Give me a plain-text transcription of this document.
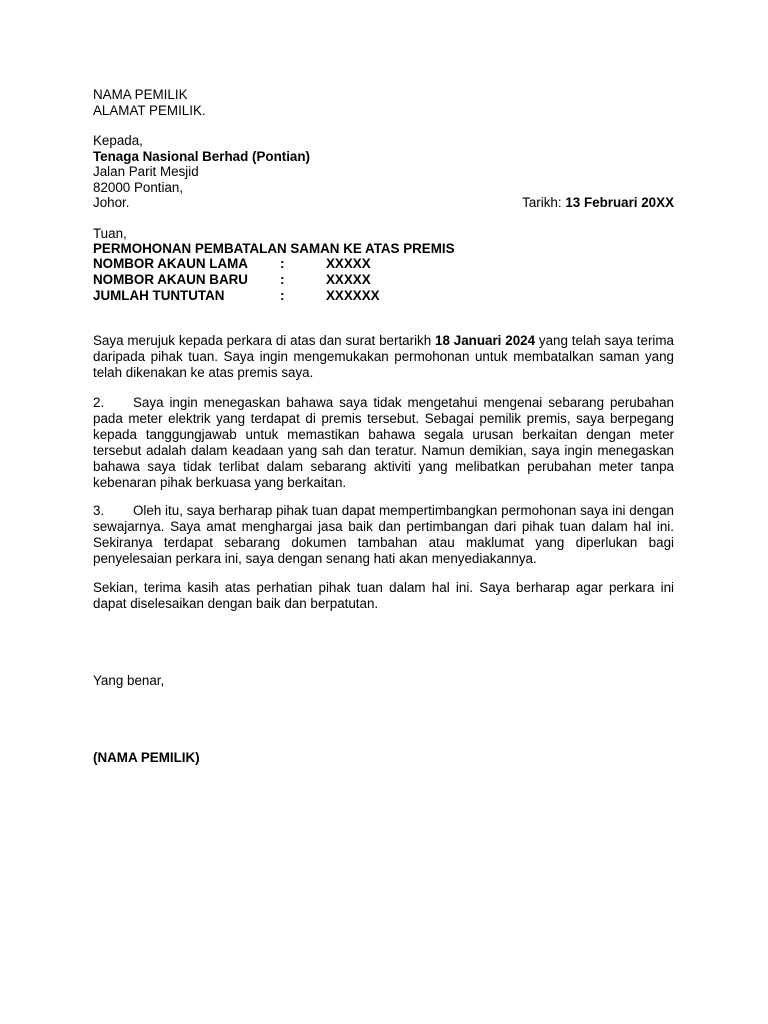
NAMA PEMILIK
ALAMAT PEMILIK.
Kepada,
Tenaga Nasional Berhad (Pontian)
Jalan Parit Mesjid
82000 Pontian,
Johor.	Tarikh: 13 Februari 20XX
Tuan,
PERMOHONAN PEMBATALAN SAMAN KE ATAS PREMIS
NOMBOR AKAUN LAMA :	XXXXX
NOMBOR AKAUN BARU :	XXXXX
JUMLAH TUNTUTAN	:	XXXXXX

Saya merujuk kepada perkara di atas dan surat bertarikh 18 Januari 2024 yang telah saya terima daripada pihak tuan. Saya ingin mengemukakan permohonan untuk membatalkan saman yang telah dikenakan ke atas premis saya.

2. Saya ingin menegaskan bahawa saya tidak mengetahui mengenai sebarang perubahan pada meter elektrik yang terdapat di premis tersebut. Sebagai pemilik premis, saya berpegang kepada tanggungjawab untuk memastikan bahawa segala urusan berkaitan dengan meter tersebut adalah dalam keadaan yang sah dan teratur. Namun demikian, saya ingin menegaskan bahawa saya tidak terlibat dalam sebarang aktiviti yang melibatkan perubahan meter tanpa kebenaran pihak berkuasa yang berkaitan.

3. Oleh itu, saya berharap pihak tuan dapat mempertimbangkan permohonan saya ini dengan sewajarnya. Saya amat menghargai jasa baik dan pertimbangan dari pihak tuan dalam hal ini. Sekiranya terdapat sebarang dokumen tambahan atau maklumat yang diperlukan bagi penyelesaian perkara ini, saya dengan senang hati akan menyediakannya.

Sekian, terima kasih atas perhatian pihak tuan dalam hal ini. Saya berharap agar perkara ini dapat diselesaikan dengan baik dan berpatutan.

Yang benar,
(NAMA PEMILIK)
